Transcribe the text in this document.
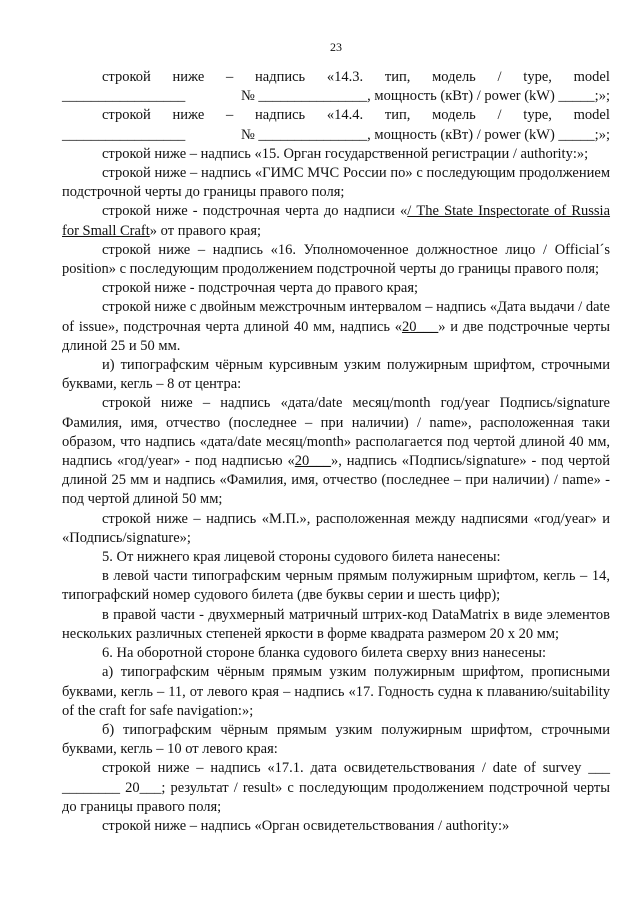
23
строкой ниже – надпись «14.3. тип, модель / type, model
_________________	№ _______________, мощность (кВт) / power (kW) _____;»;
строкой ниже – надпись «14.4. тип, модель / type, model
_________________	№ _______________, мощность (кВт) / power (kW) _____;»;

строкой ниже – надпись «15. Орган государственной регистрации / authority:»;

строкой ниже – надпись «ГИМС МЧС России по» с последующим продолжением подстрочной черты до границы правого поля;

строкой ниже - подстрочная черта до надписи «/ The State Inspectorate of Russia for Small Craft» от правого края;

строкой ниже – надпись «16. Уполномоченное должностное лицо / Official´s position» с последующим продолжением подстрочной черты до границы правого поля;

строкой ниже - подстрочная черта до правого края;

строкой ниже с двойным межстрочным интервалом – надпись «Дата выдачи / date of issue», подстрочная черта длиной 40 мм, надпись «20___» и две подстрочные черты длиной 25 и 50 мм.

и) типографским чёрным курсивным узким полужирным шрифтом, строчными буквами, кегль – 8 от центра:

строкой ниже – надпись «дата/date месяц/month год/year Подпись/signature Фамилия, имя, отчество (последнее – при наличии) / name», расположенная таки образом, что надпись «дата/date месяц/month» располагается под чертой длиной 40 мм, надпись «год/year» - под надписью «20___», надпись «Подпись/signature» - под чертой длиной 25 мм и надпись «Фамилия, имя, отчество (последнее – при наличии) / name» - под чертой длиной 50 мм;

строкой ниже – надпись «М.П.», расположенная между надписями «год/year» и «Подпись/signature»;

5. От нижнего края лицевой стороны судового билета нанесены:

в левой части типографским черным прямым полужирным шрифтом, кегль – 14, типографский номер судового билета (две буквы серии и шесть цифр);

в правой части - двухмерный матричный штрих-код DataMatrix в виде элементов нескольких различных степеней яркости в форме квадрата размером 20 х 20 мм;

6. На оборотной стороне бланка судового билета сверху вниз нанесены:

а) типографским чёрным прямым узким полужирным шрифтом, прописными буквами, кегль – 11, от левого края – надпись «17. Годность судна к плаванию/suitability of the craft for safe navigation:»;

б) типографским чёрным прямым узким полужирным шрифтом, строчными буквами, кегль – 10 от левого края:

строкой ниже – надпись «17.1. дата освидетельствования / date of survey ___ ________ 20___; результат / result» с последующим продолжением подстрочной черты до границы правого поля;

строкой ниже – надпись «Орган освидетельствования / authority:»
